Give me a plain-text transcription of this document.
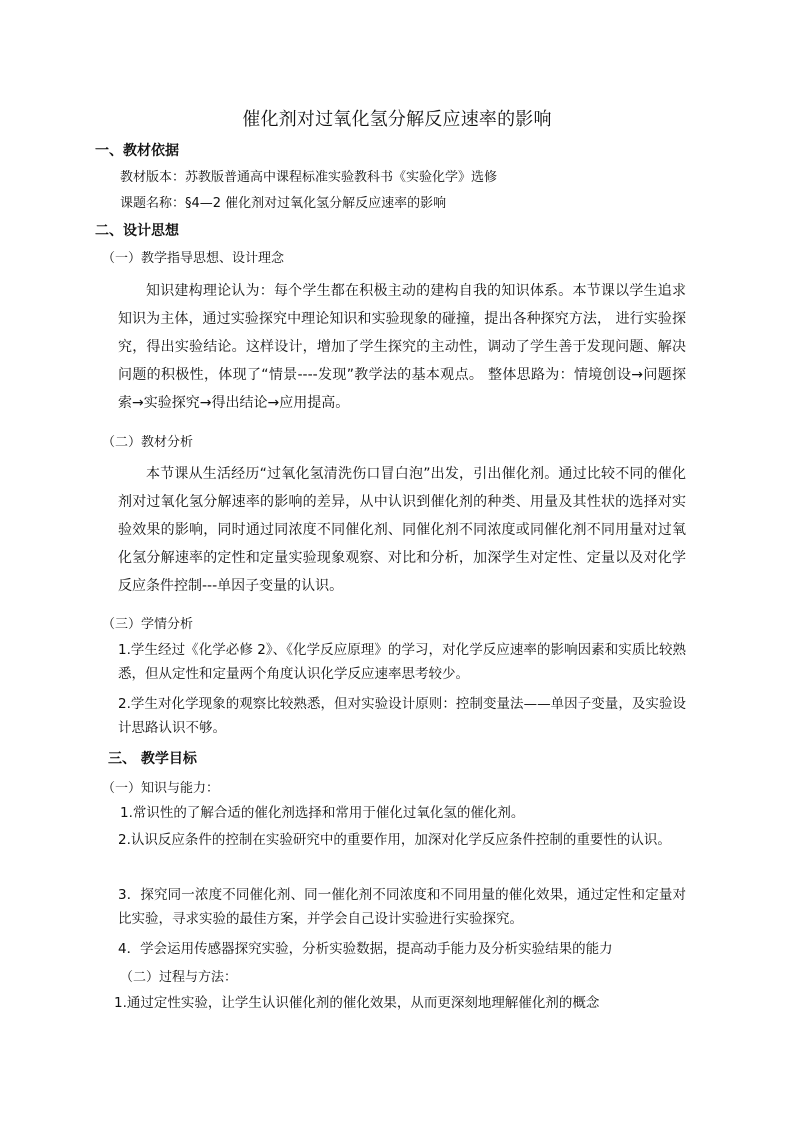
催化剂对过氧化氢分解反应速率的影响
一、教材依据
教材版本：苏教版普通高中课程标准实验教科书《实验化学》选修
课题名称：§4—2 催化剂对过氧化氢分解反应速率的影响
二、设计思想
（一）教学指导思想、设计理念
知识建构理论认为：每个学生都在积极主动的建构自我的知识体系。本节课以学生追求知识为主体，通过实验探究中理论知识和实验现象的碰撞，提出各种探究方法， 进行实验探究，得出实验结论。这样设计，增加了学生探究的主动性，调动了学生善于发现问题、解决问题的积极性，体现了“情景----发现”教学法的基本观点。 整体思路为：情境创设→问题探索→实验探究→得出结论→应用提高。
（二）教材分析
本节课从生活经历“过氧化氢清洗伤口冒白泡”出发，引出催化剂。通过比较不同的催化剂对过氧化氢分解速率的影响的差异，从中认识到催化剂的种类、用量及其性状的选择对实验效果的影响，同时通过同浓度不同催化剂、同催化剂不同浓度或同催化剂不同用量对过氧化氢分解速率的定性和定量实验现象观察、对比和分析，加深学生对定性、定量以及对化学反应条件控制---单因子变量的认识。
（三）学情分析
1.学生经过《化学必修 2》、《化学反应原理》的学习，对化学反应速率的影响因素和实质比较熟悉，但从定性和定量两个角度认识化学反应速率思考较少。
2.学生对化学现象的观察比较熟悉，但对实验设计原则：控制变量法——单因子变量，及实验设计思路认识不够。
三、 教学目标
（一）知识与能力：
1.常识性的了解合适的催化剂选择和常用于催化过氧化氢的催化剂。
2.认识反应条件的控制在实验研究中的重要作用，加深对化学反应条件控制的重要性的认识。
3．探究同一浓度不同催化剂、同一催化剂不同浓度和不同用量的催化效果，通过定性和定量对比实验，寻求实验的最佳方案，并学会自己设计实验进行实验探究。
4．学会运用传感器探究实验，分析实验数据，提高动手能力及分析实验结果的能力
（二）过程与方法：
1.通过定性实验，让学生认识催化剂的催化效果，从而更深刻地理解催化剂的概念
